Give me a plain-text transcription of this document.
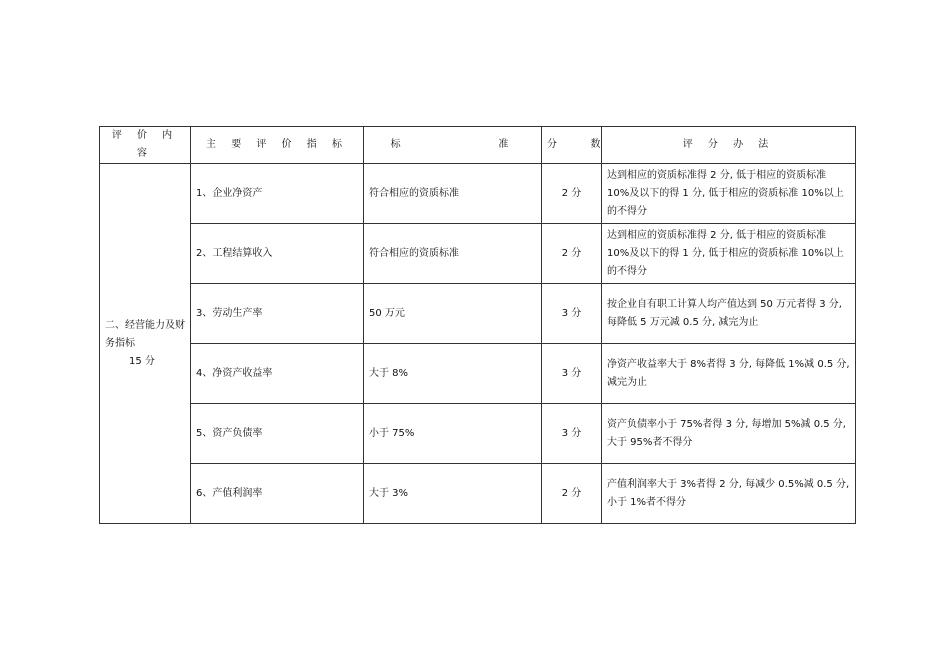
评 价 内 容	主 要 评 价 指 标	标          准	分   数	评 分 办 法
二、经营能力及财务指标
15 分	1、企业净资产	符合相应的资质标准	2 分	达到相应的资质标准得 2 分, 低于相应的资质标准 10%及以下的得 1 分, 低于相应的资质标准 10%以上的不得分
	2、工程结算收入	符合相应的资质标准	2 分	达到相应的资质标准得 2 分, 低于相应的资质标准 10%及以下的得 1 分, 低于相应的资质标准 10%以上的不得分
	3、劳动生产率	50 万元	3 分	按企业自有职工计算人均产值达到 50 万元者得 3 分, 每降低 5 万元减 0.5 分, 减完为止
	4、净资产收益率	大于 8%	3 分	净资产收益率大于 8%者得 3 分, 每降低 1%减 0.5 分, 减完为止
	5、资产负债率	小于 75%	3 分	资产负债率小于 75%者得 3 分, 每增加 5%减 0.5 分, 大于 95%者不得分
	6、产值利润率	大于 3%	2 分	产值利润率大于 3%者得 2 分, 每减少 0.5%减 0.5 分, 小于 1%者不得分
